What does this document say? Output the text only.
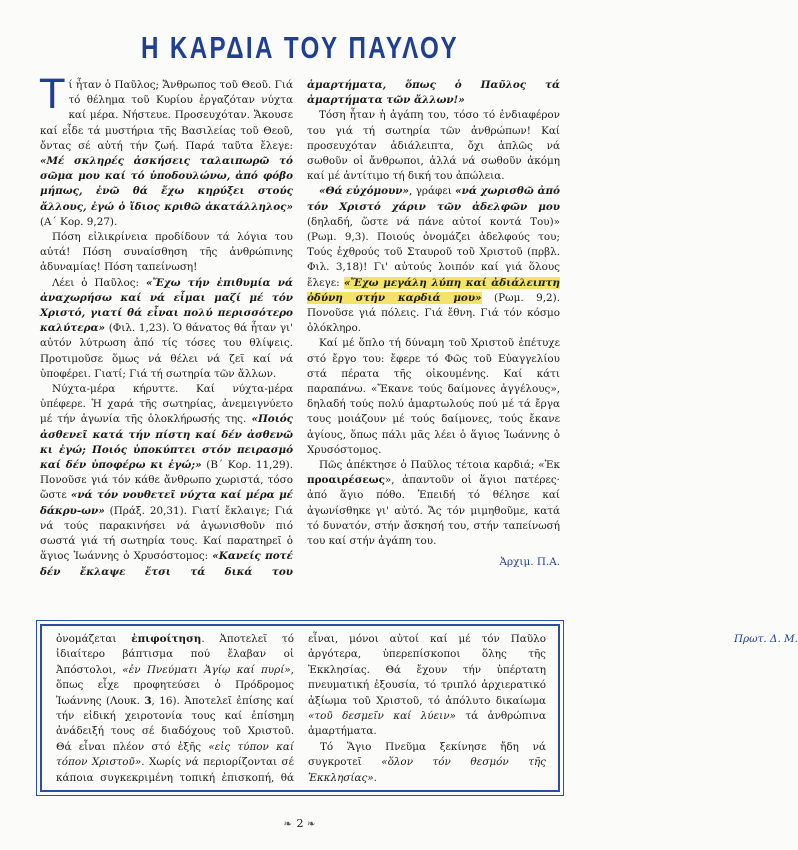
Η ΚΑΡΔΙΑ ΤΟΥ ΠΑΥΛΟΥ

Τί ἦταν ὁ Παῦλος; Ἄνθρωπος τοῦ Θεοῦ. Γιά τό θέλημα τοῦ Κυρίου ἐργαζόταν νύχτα καί μέρα. Νήστευε. Προσευχόταν. Ἄκουσε καί εἶδε τά μυστήρια τῆς Βασιλείας τοῦ Θεοῦ, ὄντας σέ αὐτή τήν ζωή. Παρά ταῦτα ἔλεγε: «Μέ σκληρές ἀσκήσεις ταλαιπωρῶ τό σῶμα μου καί τό ὑποδουλώνω, ἀπό φόβο μήπως, ἐνῶ θά ἔχω κηρύξει στούς ἄλλους, ἐγώ ὁ ἴδιος κριθῶ ἀκατάλληλος» (Α΄ Κορ. 9,27).

Πόση εἰλικρίνεια προδίδουν τά λόγια του αὐτά! Πόση συναίσθηση τῆς ἀνθρώπινης ἀδυναμίας! Πόση ταπείνωση!

Λέει ὁ Παῦλος: «Ἔχω τήν ἐπιθυμία νά ἀναχωρήσω καί νά εἶμαι μαζί μέ τόν Χριστό, γιατί θά εἶναι πολύ περισσότερο καλύτερα» (Φιλ. 1,23). Ὁ θάνατος θά ἦταν γι' αὐτόν λύτρωση ἀπό τίς τόσες του θλίψεις. Προτιμοῦσε ὅμως νά θέλει νά ζεῖ καί νά ὑποφέρει. Γιατί; Γιά τή σωτηρία τῶν ἄλλων.

Νύχτα-μέρα κήρυττε. Καί νύχτα-μέρα ὑπέφερε. Ἡ χαρά τῆς σωτηρίας, ἀνεμειγνύετο μέ τήν ἀγωνία τῆς ὁλοκλήρωσής της. «Ποιός ἀσθενεῖ κατά τήν πίστη καί δέν ἀσθενῶ κι ἐγώ; Ποιός ὑποκύπτει στόν πειρασμό καί δέν ὑποφέρω κι ἐγώ;» (Β΄ Κορ. 11,29). Πονοῦσε γιά τόν κάθε ἄνθρωπο χωριστά, τόσο ὥστε «νά τόν νουθετεῖ νύχτα καί μέρα μέ δάκρυ-ων» (Πράξ. 20,31). Γιατί ἔκλαιγε; Γιά νά τούς παρακινήσει νά ἀγωνισθοῦν πιό σωστά γιά τή σωτηρία τους. Καί παρατηρεῖ ὁ ἅγιος Ἰωάννης ὁ Χρυσόστομος: «Κανείς ποτέ δέν ἔκλαψε ἔτσι τά δικά του ἁμαρτήματα, ὅπως ὁ Παῦλος τά ἁμαρτήματα τῶν ἄλλων!»

Τόση ἦταν ἡ ἀγάπη του, τόσο τό ἐνδιαφέρον του γιά τή σωτηρία τῶν ἀνθρώπων! Καί προσευχόταν ἀδιάλειπτα, ὄχι ἁπλῶς νά σωθοῦν οἱ ἄνθρωποι, ἀλλά νά σωθοῦν ἀκόμη καί μέ ἀντίτιμο τή δική του ἀπώλεια.

«Θά εὐχόμουν», γράφει «νά χωρισθῶ ἀπό τόν Χριστό χάριν τῶν ἀδελφῶν μου (δηλαδή, ὥστε νά πάνε αὐτοί κοντά Του)» (Ρωμ. 9,3). Ποιούς ὀνομάζει ἀδελφούς του; Τούς ἐχθρούς τοῦ Σταυροῦ τοῦ Χριστοῦ (πρβλ. Φιλ. 3,18)! Γι' αὐτούς λοιπόν καί γιά ὅλους ἔλεγε: «Ἔχω μεγάλη λύπη καί ἀδιάλειπτη ὀδύνη στήν καρδιά μου» (Ρωμ. 9,2). Πονοῦσε γιά πόλεις. Γιά ἔθνη. Γιά τόν κόσμο ὁλόκληρο.

Καί μέ ὅπλο τή δύναμη τοῦ Χριστοῦ ἐπέτυχε στό ἔργο του: ἔφερε τό Φῶς τοῦ Εὐαγγελίου στά πέρατα τῆς οἰκουμένης. Καί κάτι παραπάνω. «Ἔκανε τούς δαίμονες ἀγγέλους», δηλαδή τούς πολύ ἁμαρτωλούς πού μέ τά ἔργα τους μοιάζουν μέ τούς δαίμονες, τούς ἔκανε ἁγίους, ὅπως πάλι μᾶς λέει ὁ ἅγιος Ἰωάννης ὁ Χρυσόστομος.

Πῶς ἀπέκτησε ὁ Παῦλος τέτοια καρδιά; «Ἐκ προαιρέσεως», ἀπαντοῦν οἱ ἅγιοι πατέρες· ἀπό ἅγιο πόθο. Ἐπειδή τό θέλησε καί ἀγωνίσθηκε γι' αὐτό. Ἄς τόν μιμηθοῦμε, κατά τό δυνατόν, στήν ἄσκησή του, στήν ταπείνωσή του καί στήν ἀγάπη του.

Ἀρχιμ. Π.Α.

ὀνομάζεται ἐπιφοίτηση. Ἀποτελεῖ τό ἰδιαίτερο βάπτισμα πού ἔλαβαν οἱ Ἀπόστολοι, «ἐν Πνεύματι Ἁγίῳ καί πυρί», ὅπως εἶχε προφητεύσει ὁ Πρόδρομος Ἰωάννης (Λουκ. 3, 16). Ἀποτελεῖ ἐπίσης καί τήν εἰδική χειροτονία τους καί ἐπίσημη ἀνάδειξή τους σέ διαδόχους τοῦ Χριστοῦ. Θά εἶναι πλέον στό ἑξῆς «εἰς τύπον καί τόπον Χριστοῦ». Χωρίς νά περιορίζονται σέ κάποια συγκεκριμένη τοπική ἐπισκοπή, θά εἶναι, μόνοι αὐτοί καί μέ τόν Παῦλο ἀργότερα, ὑπερεπίσκοποι ὅλης τῆς Ἐκκλησίας. Θά ἔχουν τήν ὑπέρτατη πνευματική ἐξουσία, τό τριπλό ἀρχιερατικό ἀξίωμα τοῦ Χριστοῦ, τό ἀπόλυτο δικαίωμα «τοῦ δεσμεῖν καί λύειν» τά ἀνθρώπινα ἁμαρτήματα.

Τό Ἅγιο Πνεῦμα ξεκίνησε ἤδη νά συγκροτεῖ «ὅλον τόν θεσμόν τῆς Ἐκκλησίας».

Πρωτ. Δ. Μ.

❧ 2 ❧
